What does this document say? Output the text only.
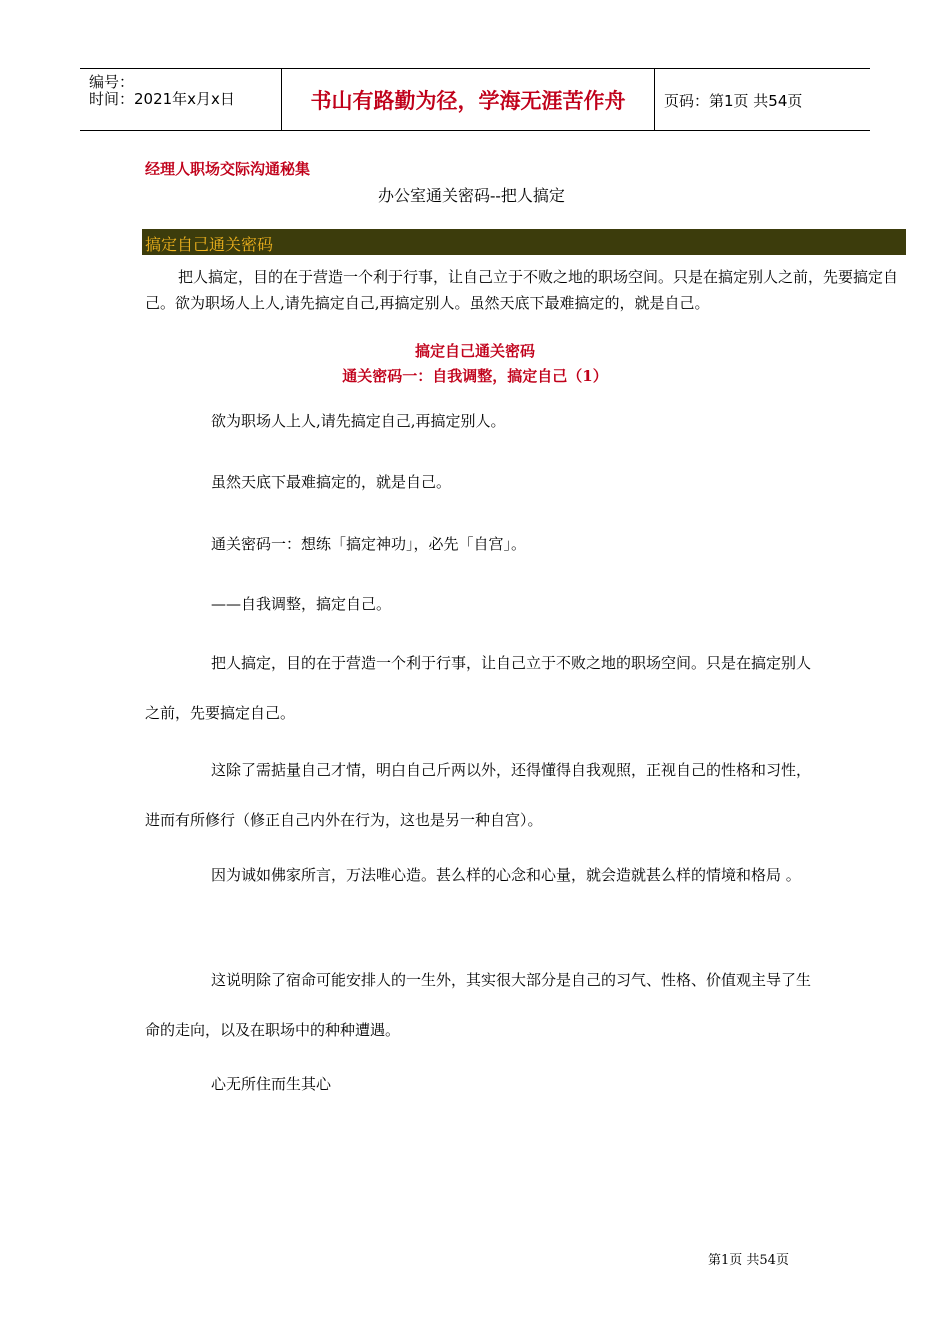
编号：
时间：2021年x月x日	书山有路勤为径，学海无涯苦作舟	页码：第1页 共54页
经理人职场交际沟通秘集
办公室通关密码--把人搞定
搞定自己通关密码
把人搞定，目的在于营造一个利于行事，让自己立于不败之地的职场空间。只是在搞定别人之前，先要搞定自己。欲为职场人上人,请先搞定自己,再搞定别人。虽然天底下最难搞定的，就是自己。
搞定自己通关密码
通关密码一：自我调整，搞定自己（1）
欲为职场人上人,请先搞定自己,再搞定别人。
虽然天底下最难搞定的，就是自己。
通关密码一：想练「搞定神功」，必先「自宫」。
——自我调整，搞定自己。
把人搞定，目的在于营造一个利于行事，让自己立于不败之地的职场空间。只是在搞定别人之前，先要搞定自己。
这除了需掂量自己才情，明白自己斤两以外，还得懂得自我观照，正视自己的性格和习性，进而有所修行（修正自己内外在行为，这也是另一种自宫）。
因为诚如佛家所言，万法唯心造。甚么样的心念和心量，就会造就甚么样的情境和格局 。
这说明除了宿命可能安排人的一生外，其实很大部分是自己的习气、性格、价值观主导了生命的走向，以及在职场中的种种遭遇。
心无所住而生其心
第1页 共54页
